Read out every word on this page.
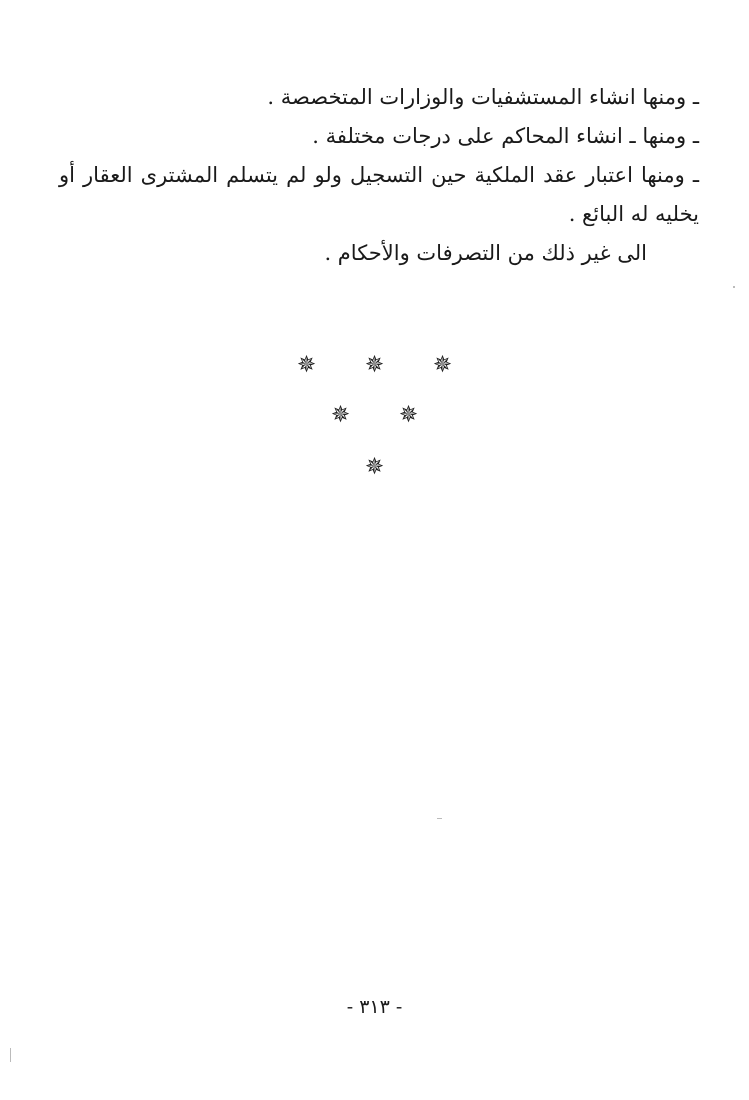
ـ ومنها انشاء المستشفيات والوزارات المتخصصة .

ـ ومنها ـ انشاء المحاكم على درجات مختلفة .

ـ ومنها اعتبار عقد الملكية حين التسجيل ولو لم يتسلم المشترى العقار أو يخليه له البائع .

الى غير ذلك من التصرفات والأحكام .

✵ ✵ ✵
✵ ✵
✵
- ٣١٣ -
